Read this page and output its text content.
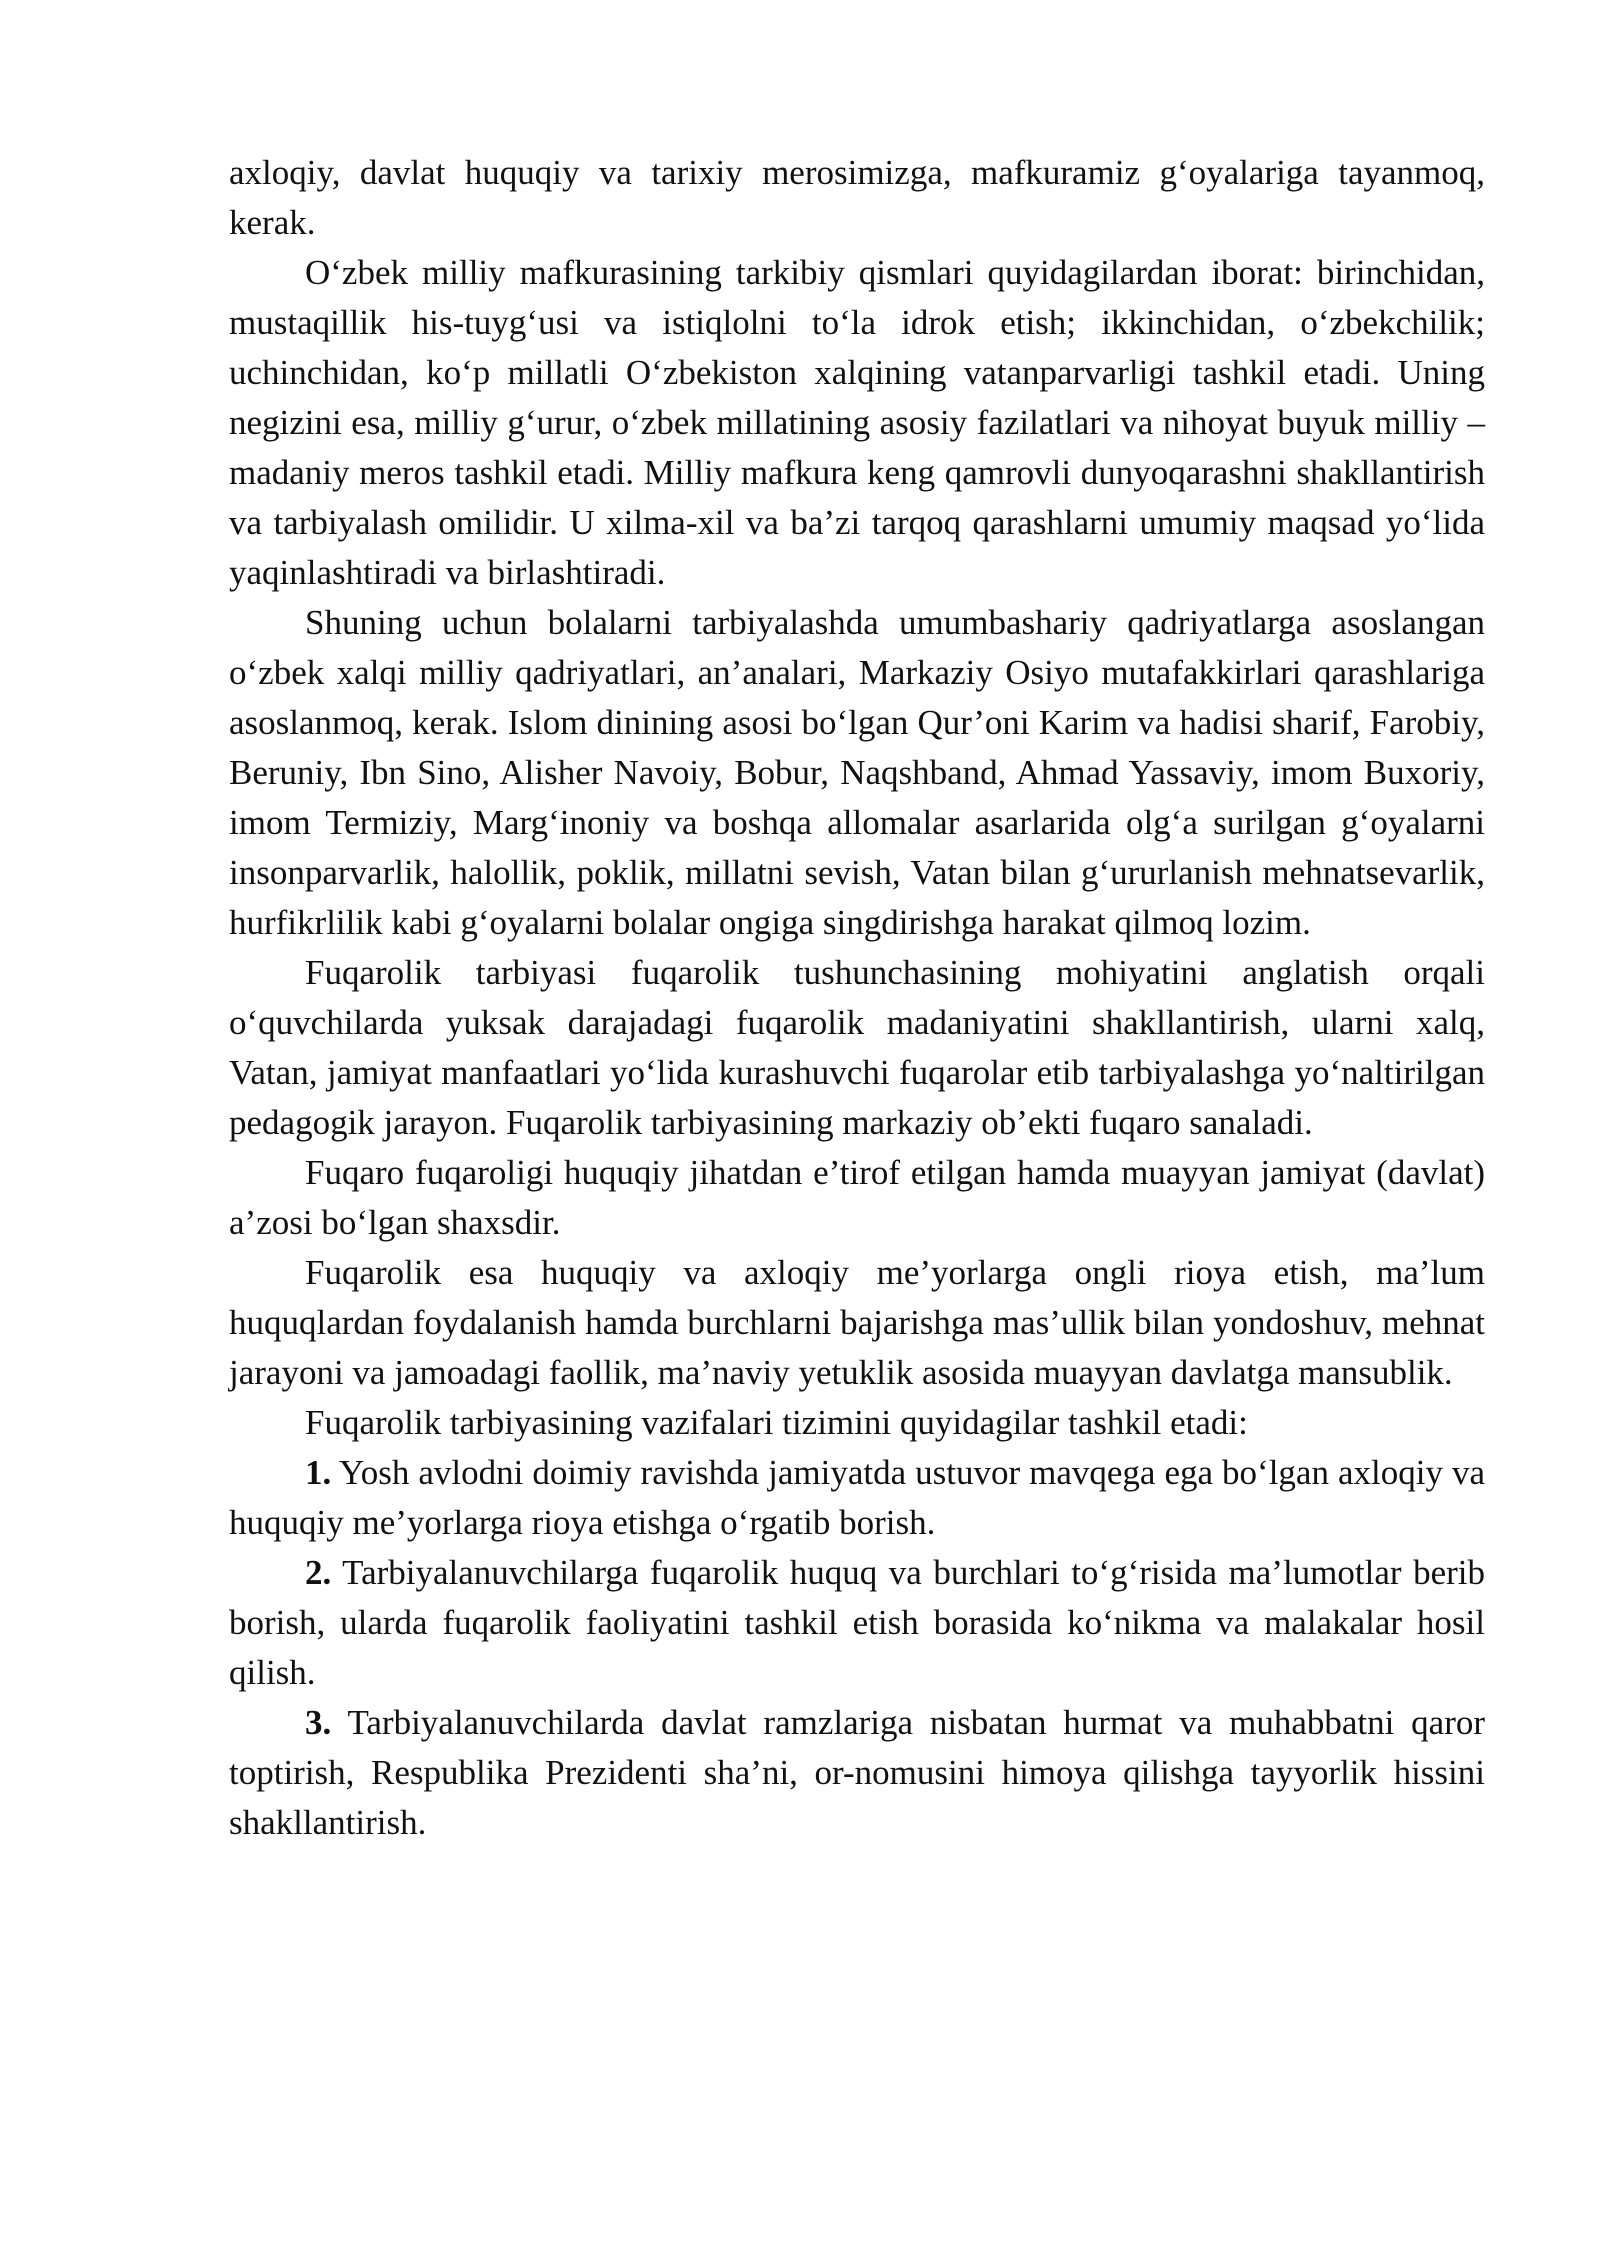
axloqiy, davlat huquqiy va tarixiy merosimizga, mafkuramiz g‘oyalariga tayanmoq, kerak.

O‘zbek milliy mafkurasining tarkibiy qismlari quyidagilardan iborat: birinchidan, mustaqillik his-tuyg‘usi va istiqlolni to‘la idrok etish; ikkinchidan, o‘zbekchilik; uchinchidan, ko‘p millatli O‘zbekiston xalqining vatanparvarligi tashkil etadi. Uning negizini esa, milliy g‘urur, o‘zbek millatining asosiy fazilatlari va nihoyat buyuk milliy – madaniy meros tashkil etadi. Milliy mafkura keng qamrovli dunyoqarashni shakllantirish va tarbiyalash omilidir. U xilma-xil va ba’zi tarqoq qarashlarni umumiy maqsad yo‘lida yaqinlashtiradi va birlashtiradi.

Shuning uchun bolalarni tarbiyalashda umumbashariy qadriyatlarga asoslangan o‘zbek xalqi milliy qadriyatlari, an’analari, Markaziy Osiyo mutafakkirlari qarashlariga asoslanmoq, kerak. Islom dinining asosi bo‘lgan Qur’oni Karim va hadisi sharif, Farobiy, Beruniy, Ibn Sino, Alisher Navoiy, Bobur, Naqshband, Ahmad Yassaviy, imom Buxoriy, imom Termiziy, Marg‘inoniy va boshqa allomalar asarlarida olg‘a surilgan g‘oyalarni insonparvarlik, halollik, poklik, millatni sevish, Vatan bilan g‘ururlanish mehnatsevarlik, hurfikrlilik kabi g‘oyalarni bolalar ongiga singdirishga harakat qilmoq lozim.

Fuqarolik tarbiyasi fuqarolik tushunchasining mohiyatini anglatish orqali o‘quvchilarda yuksak darajadagi fuqarolik madaniyatini shakllantirish, ularni xalq, Vatan, jamiyat manfaatlari yo‘lida kurashuvchi fuqarolar etib tarbiyalashga yo‘naltirilgan pedagogik jarayon. Fuqarolik tarbiyasining markaziy ob’ekti fuqaro sanaladi.

Fuqaro fuqaroligi huquqiy jihatdan e’tirof etilgan hamda muayyan jamiyat (davlat) a’zosi bo‘lgan shaxsdir.

Fuqarolik esa huquqiy va axloqiy me’yorlarga ongli rioya etish, ma’lum huquqlardan foydalanish hamda burchlarni bajarishga mas’ullik bilan yondoshuv, mehnat jarayoni va jamoadagi faollik, ma’naviy yetuklik asosida muayyan davlatga mansublik.

Fuqarolik tarbiyasining vazifalari tizimini quyidagilar tashkil etadi:

1. Yosh avlodni doimiy ravishda jamiyatda ustuvor mavqega ega bo‘lgan axloqiy va huquqiy me’yorlarga rioya etishga o‘rgatib borish.

2. Tarbiyalanuvchilarga fuqarolik huquq va burchlari to‘g‘risida ma’lumotlar berib borish, ularda fuqarolik faoliyatini tashkil etish borasida ko‘nikma va malakalar hosil qilish.

3. Tarbiyalanuvchilarda davlat ramzlariga nisbatan hurmat va muhabbatni qaror toptirish, Respublika Prezidenti sha’ni, or-nomusini himoya qilishga tayyorlik hissini shakllantirish.
